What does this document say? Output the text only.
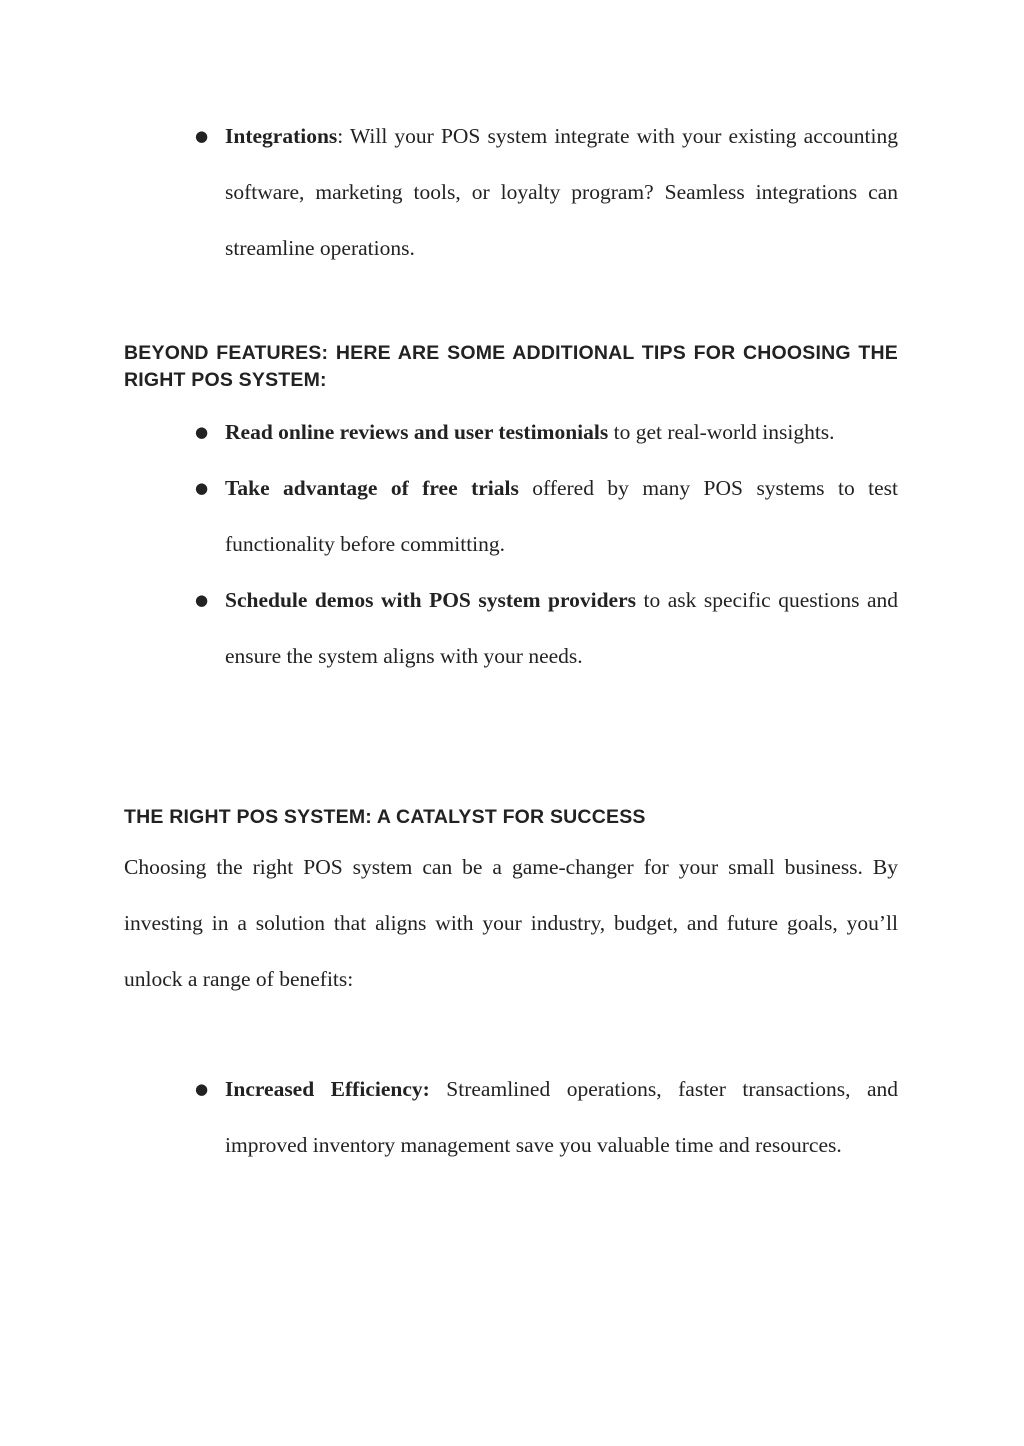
● Integrations: Will your POS system integrate with your existing accounting software, marketing tools, or loyalty program? Seamless integrations can streamline operations.
BEYOND FEATURES: HERE ARE SOME ADDITIONAL TIPS FOR CHOOSING THE RIGHT POS SYSTEM:
● Read online reviews and user testimonials to get real-world insights.
● Take advantage of free trials offered by many POS systems to test functionality before committing.
● Schedule demos with POS system providers to ask specific questions and ensure the system aligns with your needs.
THE RIGHT POS SYSTEM: A CATALYST FOR SUCCESS

Choosing the right POS system can be a game-changer for your small business. By investing in a solution that aligns with your industry, budget, and future goals, you’ll unlock a range of benefits:

● Increased Efficiency: Streamlined operations, faster transactions, and improved inventory management save you valuable time and resources.
